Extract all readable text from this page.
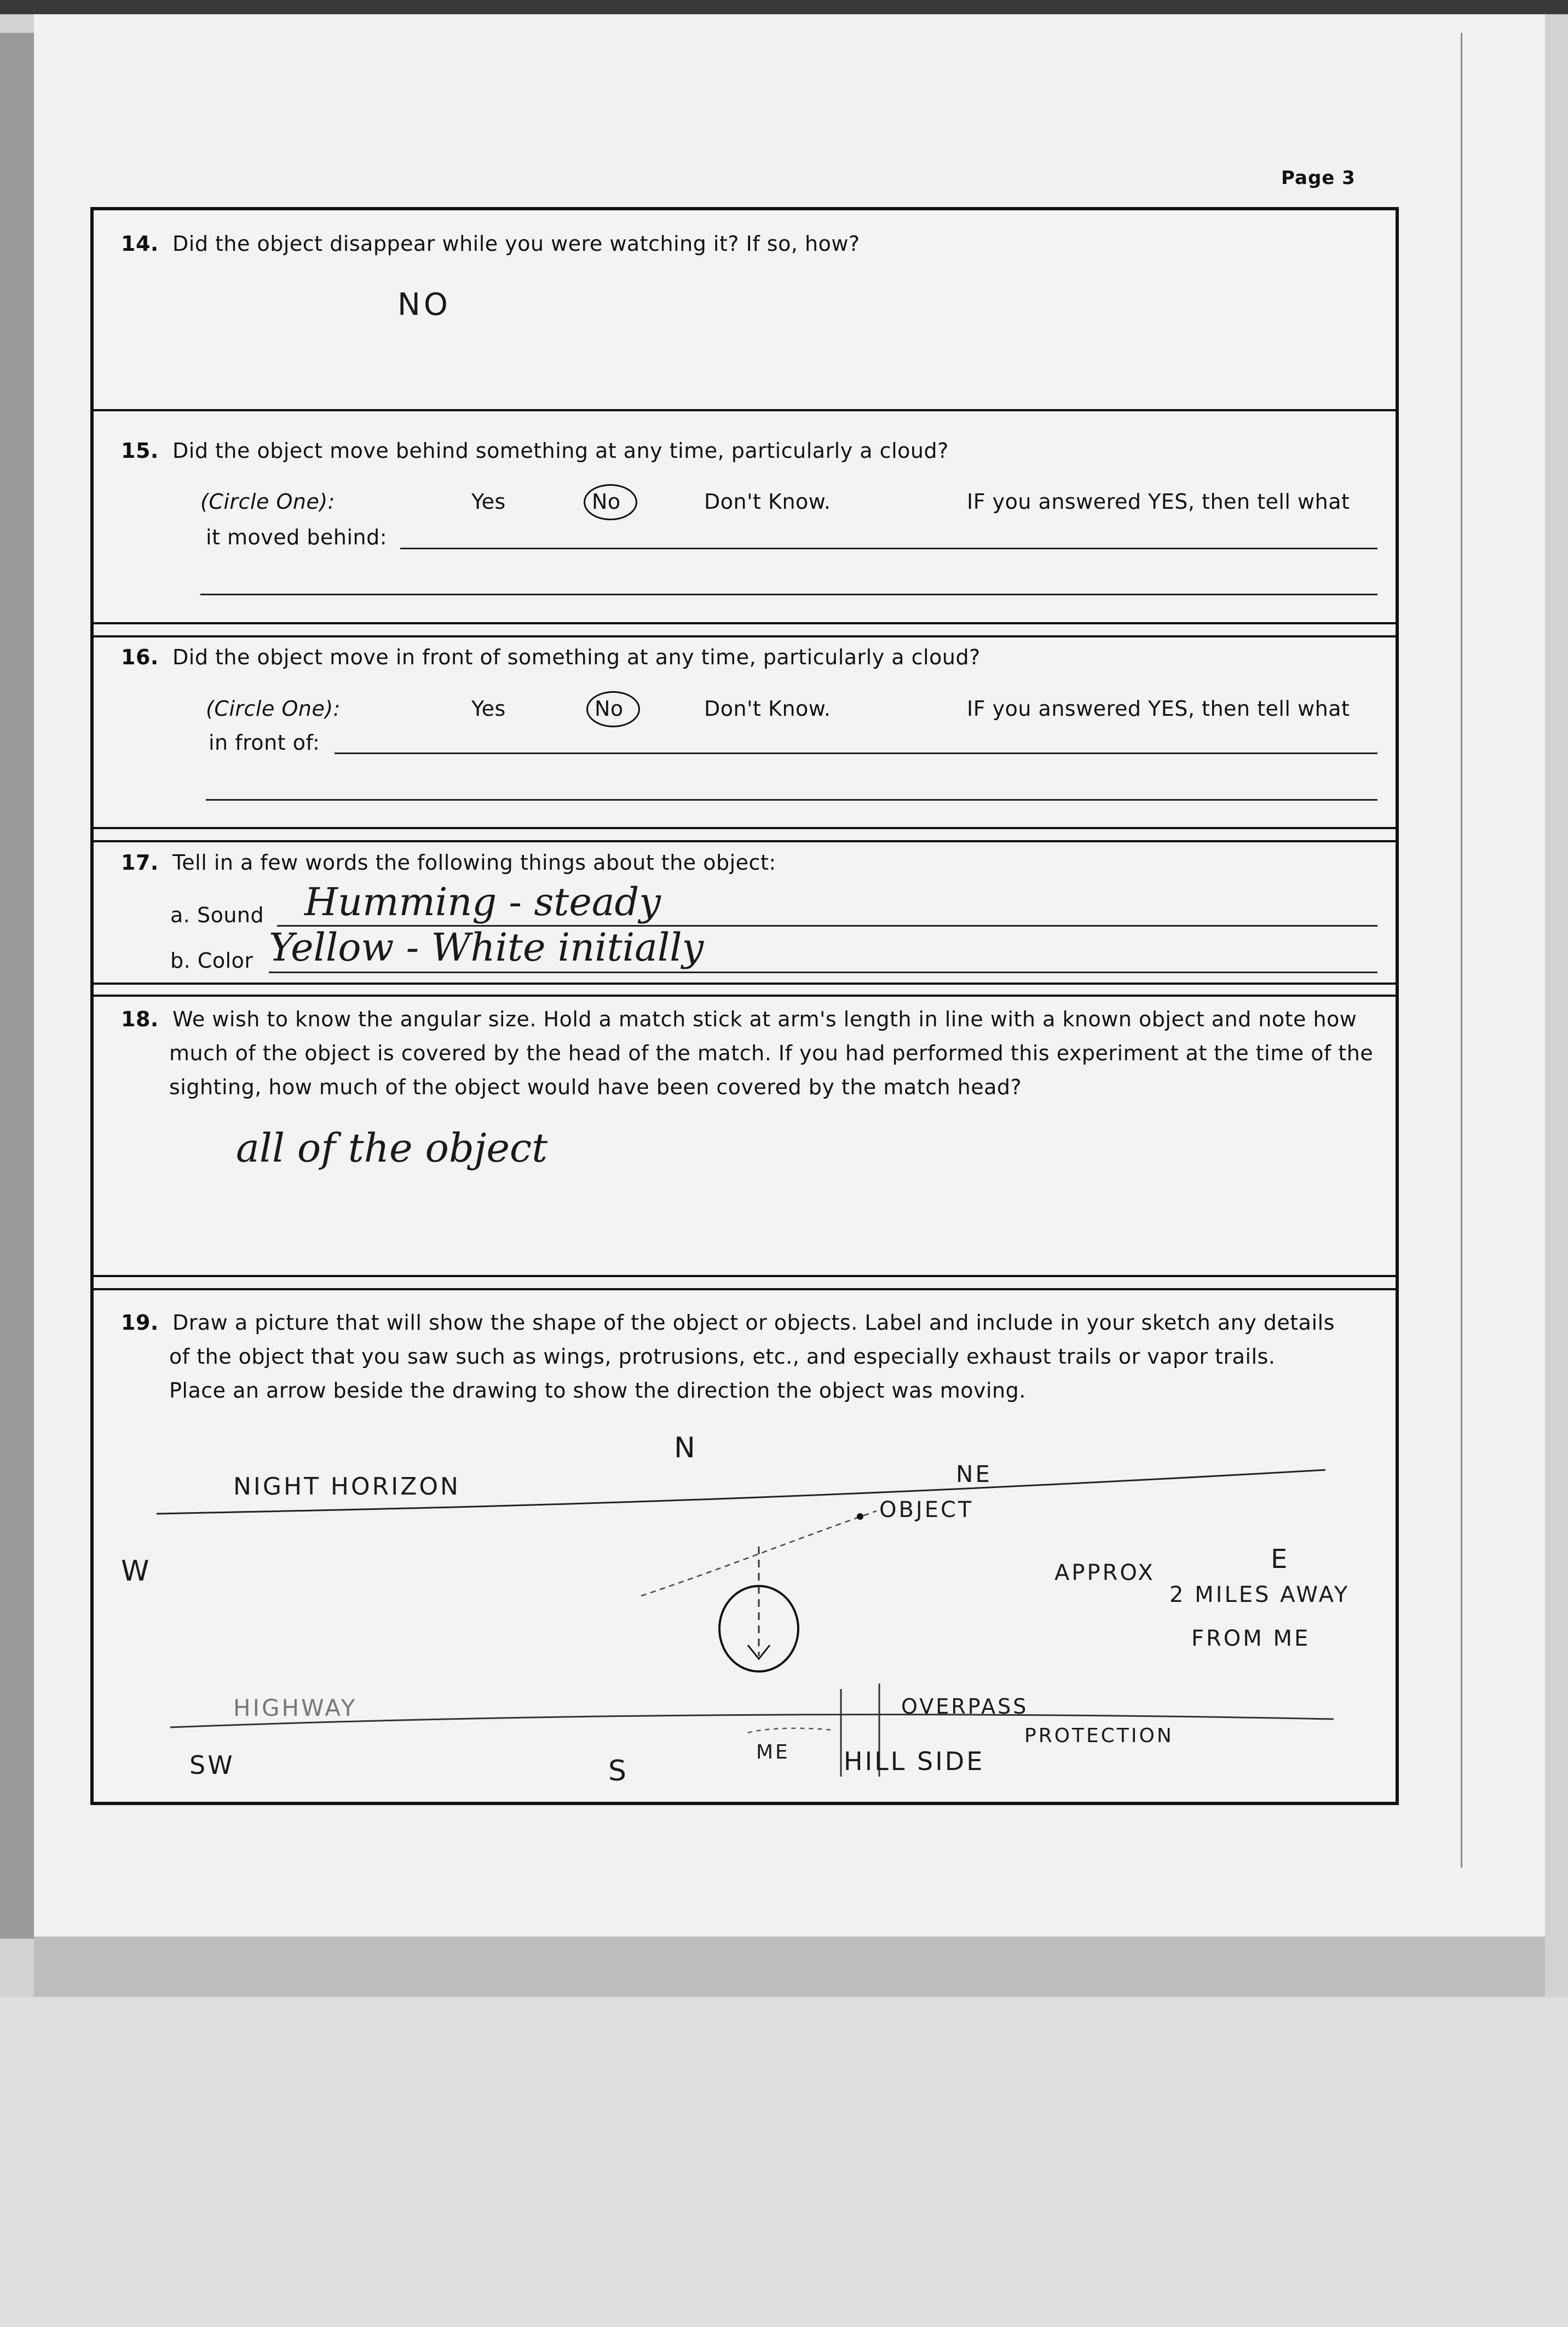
Page 3
14. Did the object disappear while you were watching it? If so, how?
NO
15. Did the object move behind something at any time, particularly a cloud?
(Circle One):	Yes	No	Don't Know.	IF you answered YES, then tell what
it moved behind:
16. Did the object move in front of something at any time, particularly a cloud?
(Circle One):	Yes	No	Don't Know.	IF you answered YES, then tell what
in front of:
17. Tell in a few words the following things about the object:
a. Sound Humming - steady
b. Color Yellow - White initially
18. We wish to know the angular size. Hold a match stick at arm's length in line with a known object and note how
much of the object is covered by the head of the match. If you had performed this experiment at the time of the
sighting, how much of the object would have been covered by the match head?
all of the object
19. Draw a picture that will show the shape of the object or objects. Label and include in your sketch any details
of the object that you saw such as wings, protrusions, etc., and especially exhaust trails or vapor trails.
Place an arrow beside the drawing to show the direction the object was moving.
N
NIGHT HORIZON	NE
OBJECT
W	E
APPROX
2 MILES AWAY
FROM ME
HIGHWAY	OVERPASS
PROTECTION
SW	S
ME HILL SIDE
